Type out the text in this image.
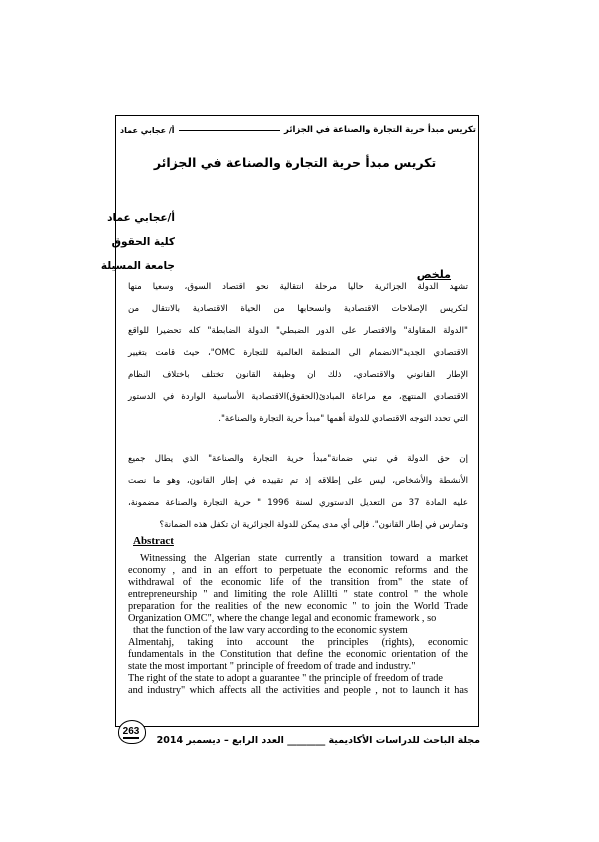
تكريس مبدأ حرية التجارة والصناعة في الجزائر
أ/ عجابي عماد
تكريس مبدأ حرية التجارة والصناعة في الجزائر
أ/عجابي عماد
كلية الحقوق
جامعة المسيلة
ملخص
تشهد الدولة الجزائرية حاليا مرحلة انتقالية نحو اقتصاد السوق، وسعيا منها
لتكريس الإصلاحات الاقتصادية وانسحابها من الحياة الاقتصادية بالانتقال من
"الدولة المقاولة" والاقتصار على الدور الضبطي" الدولة الضابطة" كله تحضيرا للواقع
الاقتصادي الجديد"الانضمام الى المنظمة العالمية للتجارة OMC"، حيث قامت بتغيير
الإطار القانوني والاقتصادي، ذلك ان وظيفة القانون تختلف باختلاف النظام
الاقتصادي المنتهج، مع مراعاة المبادئ(الحقوق)الاقتصادية الأساسية الواردة في الدستور
التي تحدد التوجه الاقتصادي للدولة أهمها "مبدأ حرية التجارة والصناعة".
إن حق الدولة في تبني ضمانة"مبدأ حرية التجارة والصناعة" الذي يطال جميع
الأنشطة والأشخاص، ليس على إطلاقه إذ تم تقييده في إطار القانون، وهو ما نصت
عليه المادة 37 من التعديل الدستوري لسنة 1996 " حرية التجارة والصناعة مضمونة،
وتمارس في إطار القانون". فإلى أي مدى يمكن للدولة الجزائرية ان تكفل هذه الضمانة؟
Abstract
Witnessing the Algerian state currently a transition toward a market
economy , and in an effort to perpetuate the economic reforms and the
withdrawal of the economic life of the transition from" the state of
entrepreneurship " and limiting the role Alillti " state control " the whole
preparation for the realities of the new economic " to join the World Trade
Organization OMC", where the change legal and economic framework , so
that the function of the law vary according to the economic system
Almentahj, taking into account the principles (rights), economic
fundamentals in the Constitution that define the economic orientation of the
state the most important " principle of freedom of trade and industry."
The right of the state to adopt a guarantee " the principle of freedom of trade
and industry" which affects all the activities and people , not to launch it has
263
مجلة الباحث للدراسات الأكاديمية ________ العدد الرابع – ديسمبر 2014
